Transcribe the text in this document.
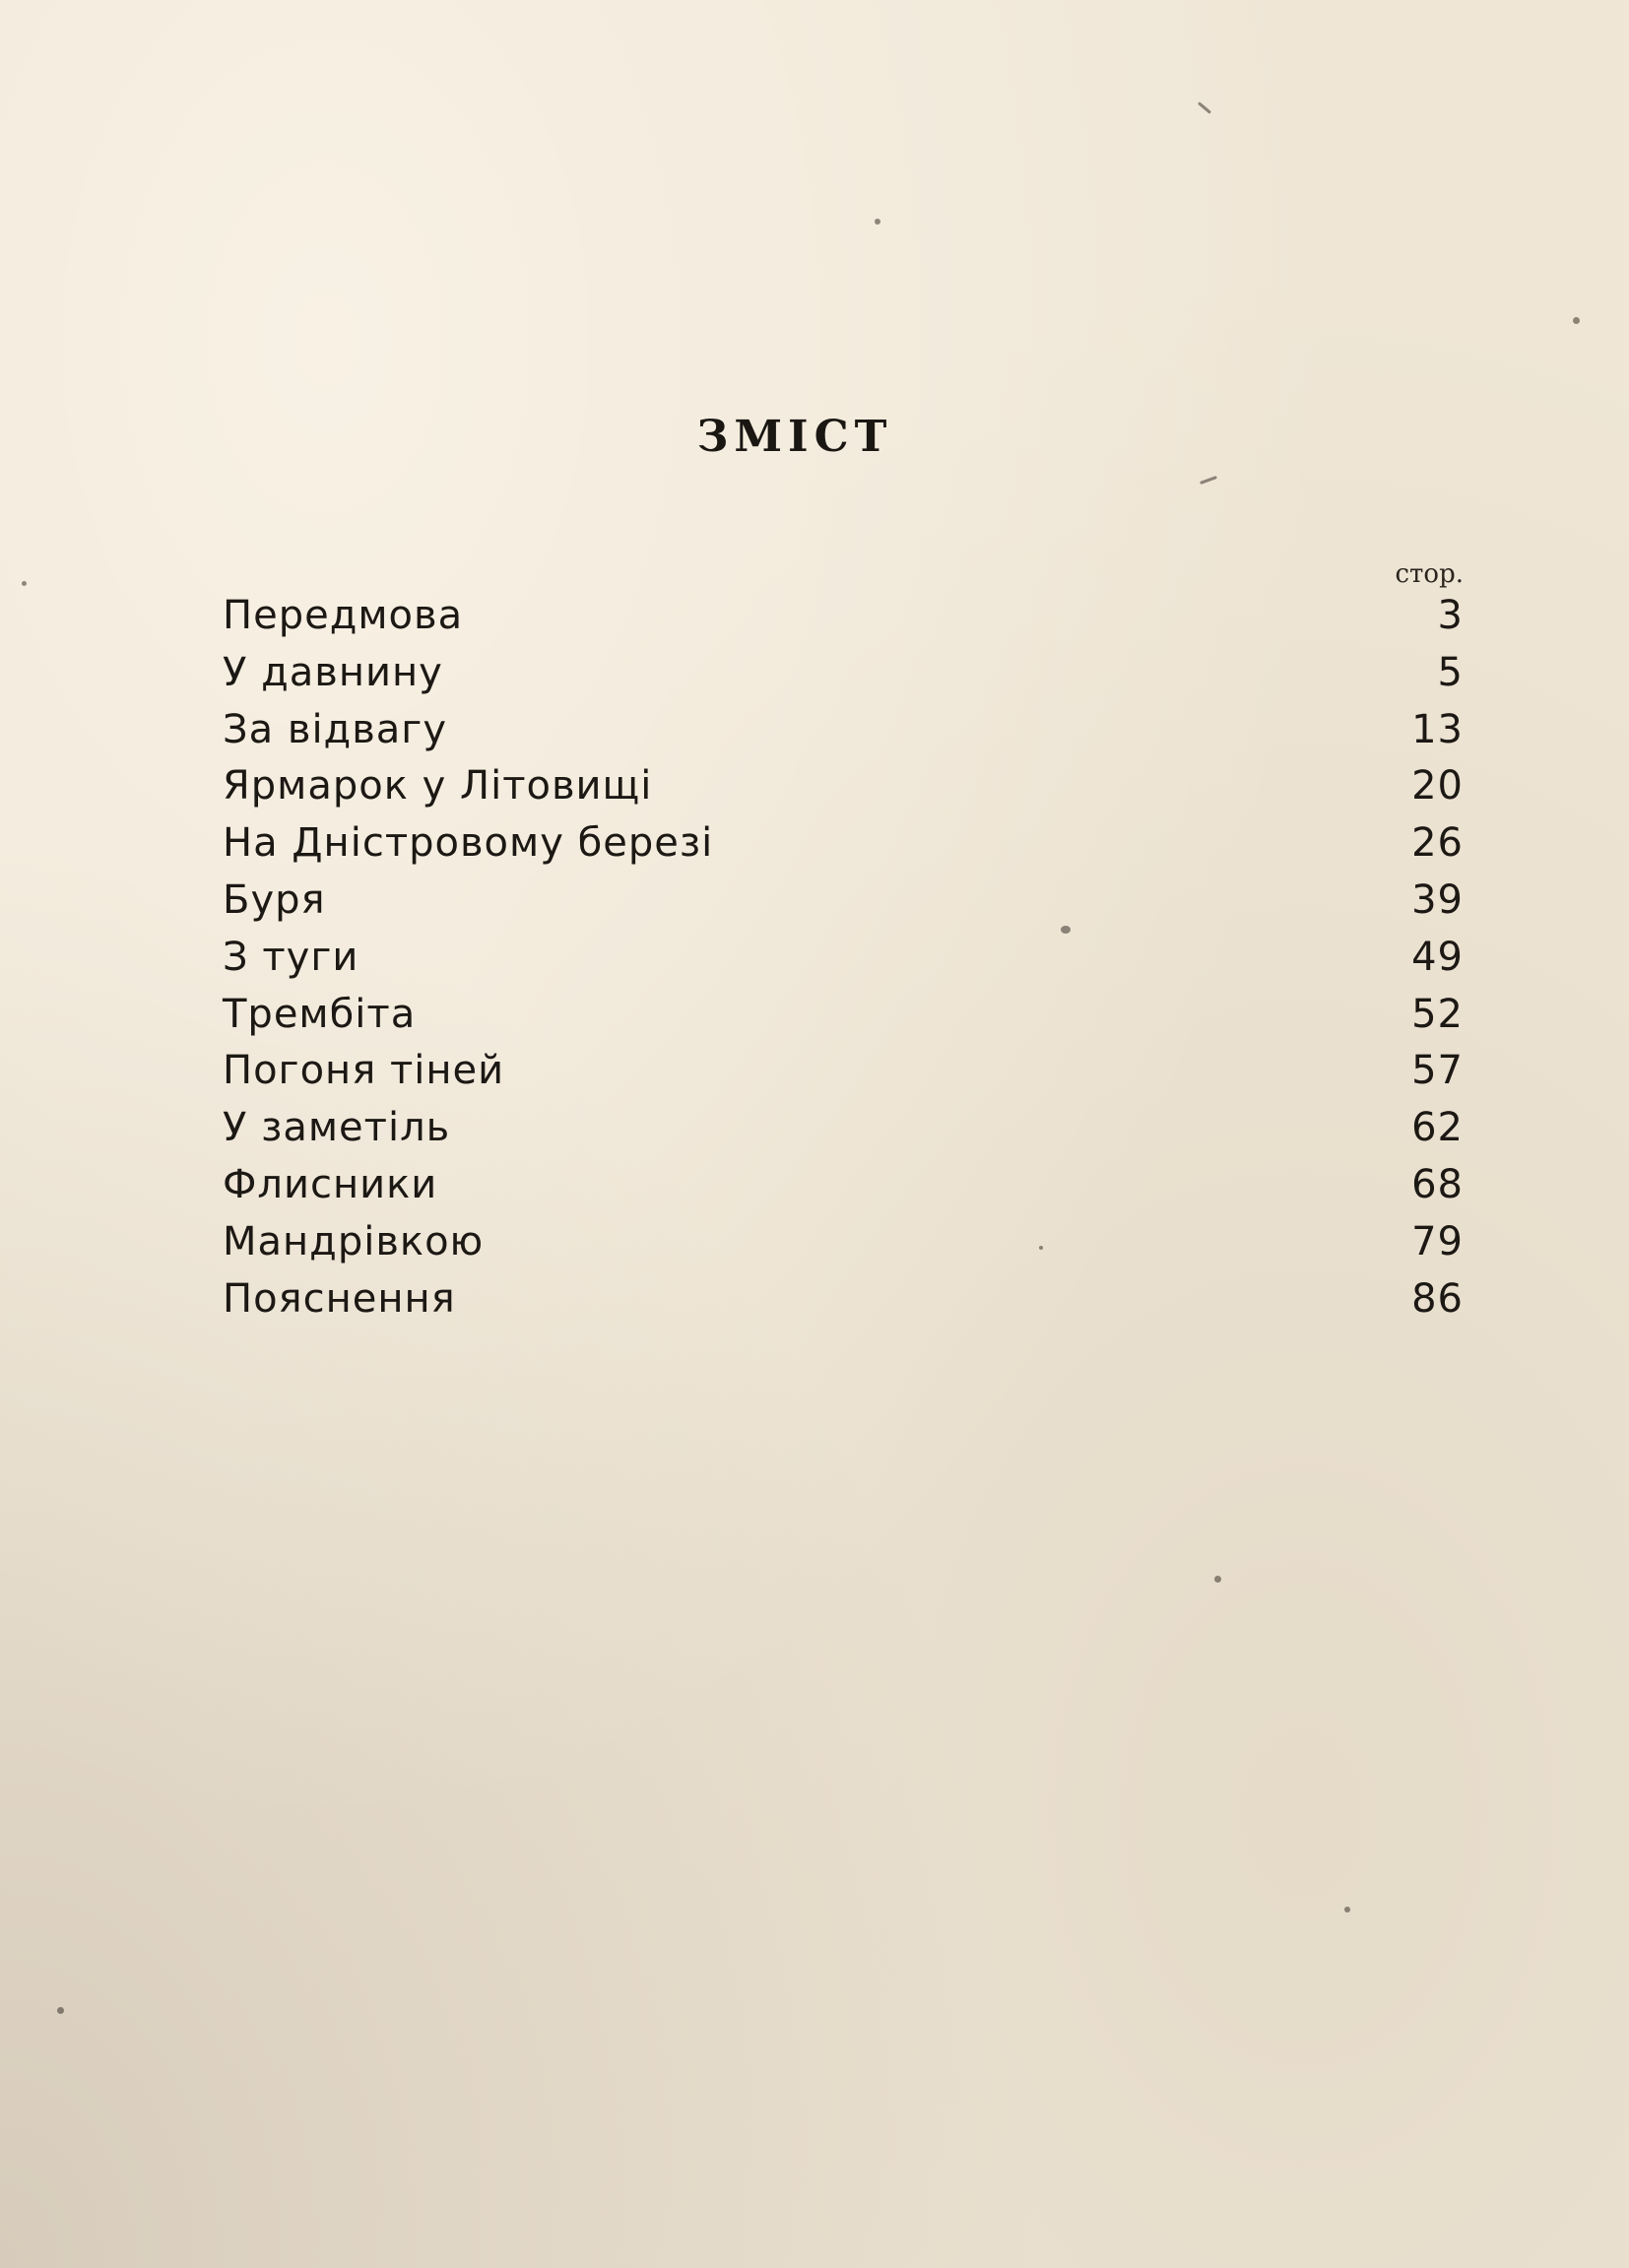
ЗМІСТ
стор.
Передмова	3
У давнину	5
За відвагу	13
Ярмарок у Літовищі	20
На Дністровому березі	26
Буря	39
З туги	49
Трембіта	52
Погоня тіней	57
У заметіль	62
Флисники	68
Мандрівкою	79
Пояснення	86
